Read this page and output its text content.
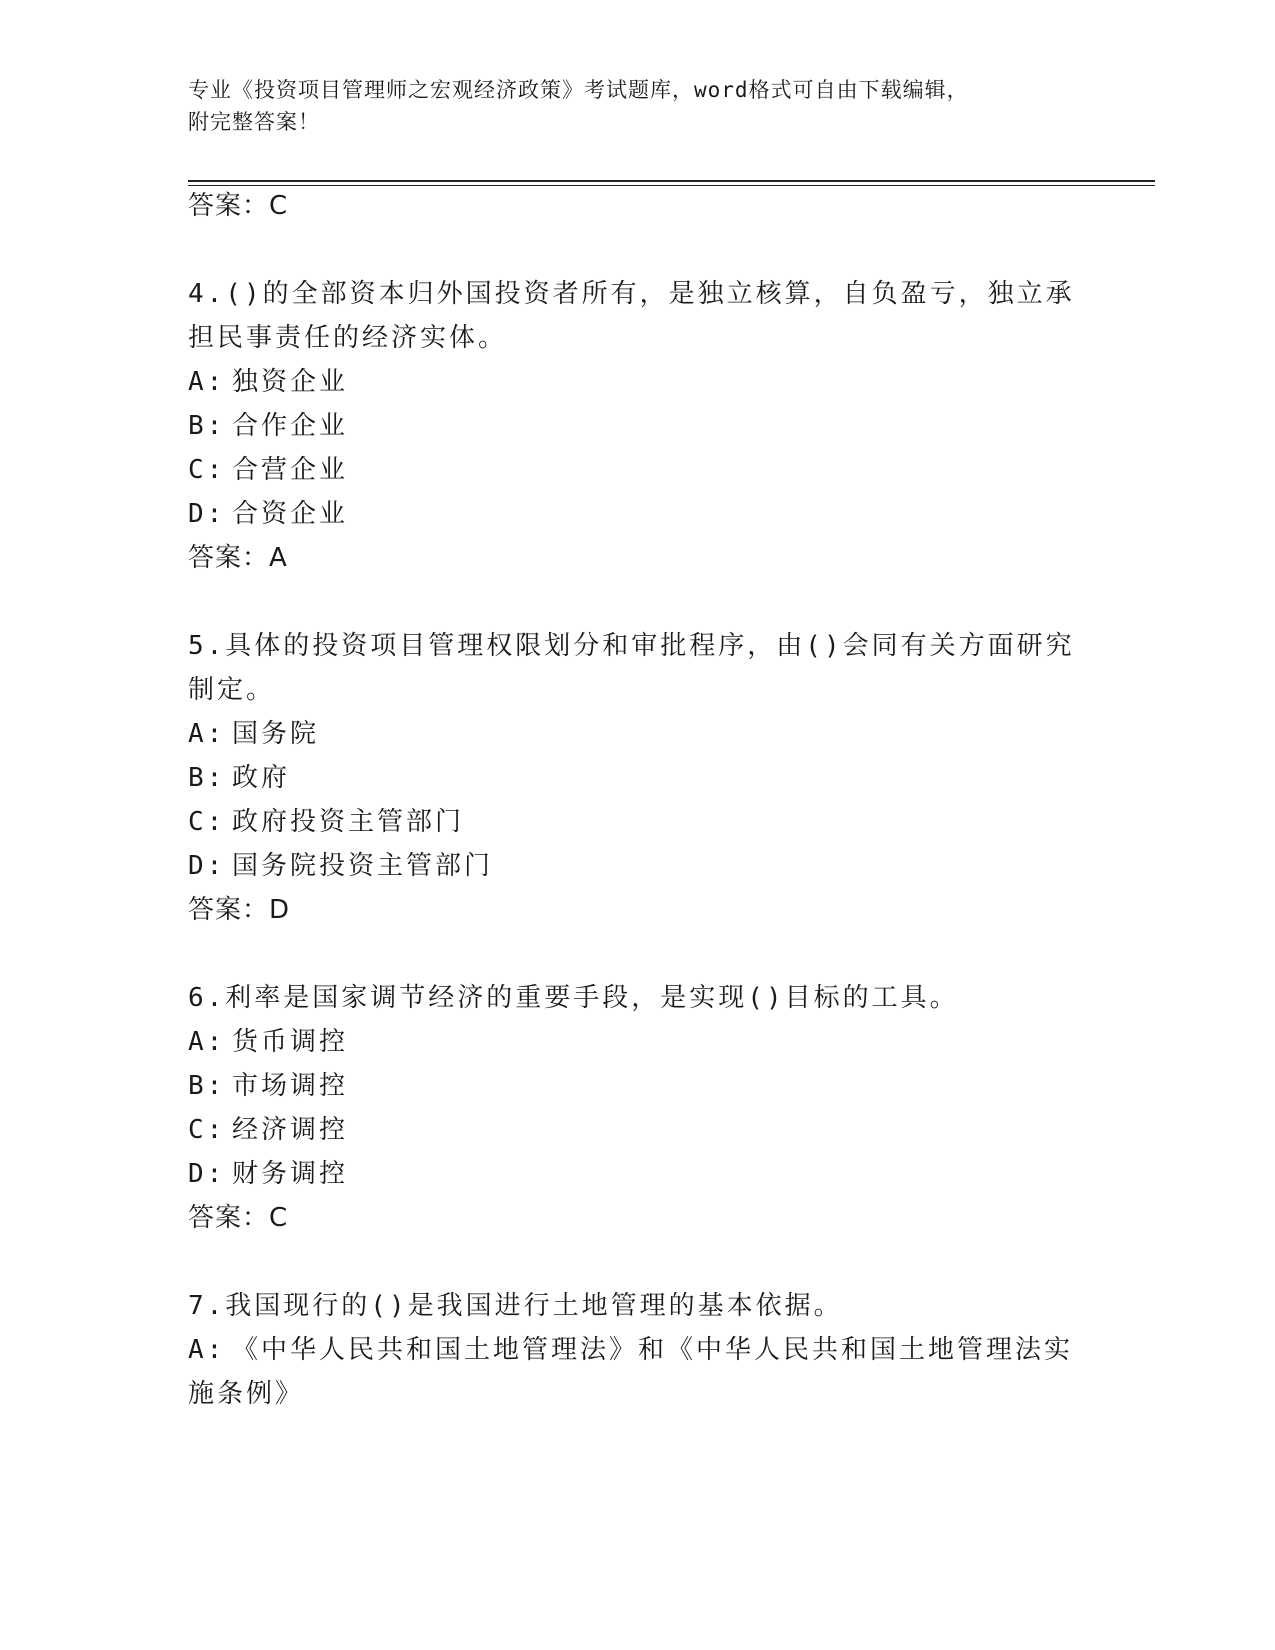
专业《投资项目管理师之宏观经济政策》考试题库，word格式可自由下载编辑，
附完整答案！
答案：C
4.()的全部资本归外国投资者所有，是独立核算，自负盈亏，独立承
担民事责任的经济实体。
A: 独资企业
B: 合作企业
C: 合营企业
D: 合资企业
答案：A
5.具体的投资项目管理权限划分和审批程序，由()会同有关方面研究
制定。
A: 国务院
B: 政府
C: 政府投资主管部门
D: 国务院投资主管部门
答案：D
6.利率是国家调节经济的重要手段，是实现()目标的工具。
A: 货币调控
B: 市场调控
C: 经济调控
D: 财务调控
答案：C
7.我国现行的()是我国进行土地管理的基本依据。
A: 《中华人民共和国土地管理法》和《中华人民共和国土地管理法实
施条例》
